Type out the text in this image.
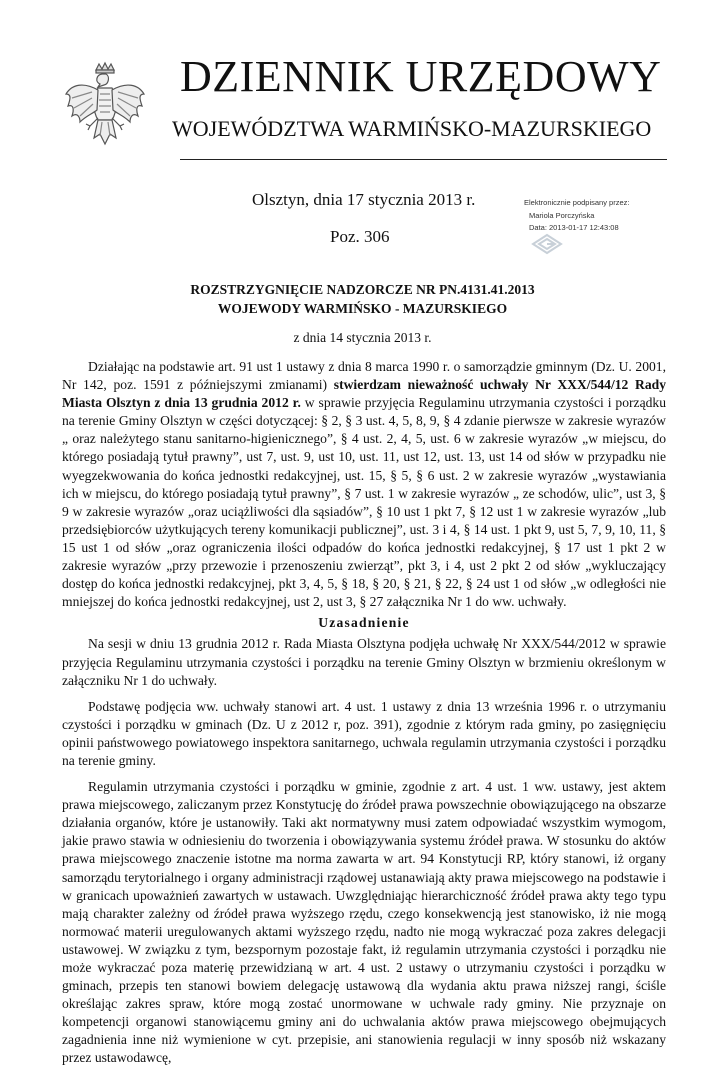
DZIENNIK URZĘDOWY
WOJEWÓDZTWA WARMIŃSKO-MAZURSKIEGO
Olsztyn, dnia 17 stycznia 2013 r.
Poz. 306
Elektronicznie podpisany przez:
Mariola Porczyńska
Data: 2013-01-17 12:43:08
ROZSTRZYGNIĘCIE NADZORCZE NR PN.4131.41.2013
WOJEWODY WARMIŃSKO - MAZURSKIEGO
z dnia 14 stycznia 2013 r.

Działając na podstawie art. 91 ust 1 ustawy z dnia 8 marca 1990 r. o samorządzie gminnym (Dz. U. 2001, Nr 142, poz. 1591 z późniejszymi zmianami) stwierdzam nieważność uchwały Nr XXX/544/12 Rady Miasta Olsztyn z dnia 13 grudnia 2012 r. w sprawie przyjęcia Regulaminu utrzymania czystości i porządku na terenie Gminy Olsztyn w części dotyczącej: § 2, § 3 ust. 4, 5, 8, 9, § 4 zdanie pierwsze w zakresie wyrazów „ oraz należytego stanu sanitarno-higienicznego”, § 4 ust. 2, 4, 5, ust. 6 w zakresie wyrazów „w miejscu, do którego posiadają tytuł prawny”, ust 7, ust. 9, ust 10, ust. 11, ust 12, ust. 13, ust 14 od słów w przypadku nie wyegzekwowania do końca jednostki redakcyjnej, ust. 15, § 5, § 6 ust. 2 w zakresie wyrazów „wystawiania ich w miejscu, do którego posiadają tytuł prawny”, § 7 ust. 1 w zakresie wyrazów „ ze schodów, ulic”, ust 3, § 9 w zakresie wyrazów „oraz uciążliwości dla sąsiadów”, § 10 ust 1 pkt 7, § 12 ust 1 w zakresie wyrazów „lub przedsiębiorców użytkujących tereny komunikacji publicznej”, ust. 3 i 4, § 14 ust. 1 pkt 9, ust 5, 7, 9, 10, 11, § 15 ust 1 od słów „oraz ograniczenia ilości odpadów do końca jednostki redakcyjnej, § 17 ust 1 pkt 2 w zakresie wyrazów „przy przewozie i przenoszeniu zwierząt”, pkt 3, i 4, ust 2 pkt 2 od słów „wykluczający dostęp do końca jednostki redakcyjnej, pkt 3, 4, 5, § 18, § 20, § 21, § 22, § 24 ust 1 od słów „w odległości nie mniejszej do końca jednostki redakcyjnej, ust 2, ust 3, § 27 załącznika Nr 1 do ww. uchwały.

Uzasadnienie

Na sesji w dniu 13 grudnia 2012 r. Rada Miasta Olsztyna podjęła uchwałę Nr XXX/544/2012 w sprawie przyjęcia Regulaminu utrzymania czystości i porządku na terenie Gminy Olsztyn w brzmieniu określonym w załączniku Nr 1 do uchwały.

Podstawę podjęcia ww. uchwały stanowi art. 4 ust. 1 ustawy z dnia 13 września 1996 r. o utrzymaniu czystości i porządku w gminach (Dz. U z 2012 r, poz. 391), zgodnie z którym rada gminy, po zasięgnięciu opinii państwowego powiatowego inspektora sanitarnego, uchwala regulamin utrzymania czystości i porządku na terenie gminy.

Regulamin utrzymania czystości i porządku w gminie, zgodnie z art. 4 ust. 1 ww. ustawy, jest aktem prawa miejscowego, zaliczanym przez Konstytucję do źródeł prawa powszechnie obowiązującego na obszarze działania organów, które je ustanowiły. Taki akt normatywny musi zatem odpowiadać wszystkim wymogom, jakie prawo stawia w odniesieniu do tworzenia i obowiązywania systemu źródeł prawa. W stosunku do aktów prawa miejscowego znaczenie istotne ma norma zawarta w art. 94 Konstytucji RP, który stanowi, iż organy samorządu terytorialnego i organy administracji rządowej ustanawiają akty prawa miejscowego na podstawie i w granicach upoważnień zawartych w ustawach. Uwzględniając hierarchiczność źródeł prawa akty tego typu mają charakter zależny od źródeł prawa wyższego rzędu, czego konsekwencją jest stanowisko, iż nie mogą normować materii uregulowanych aktami wyższego rzędu, nadto nie mogą wykraczać poza zakres delegacji ustawowej. W związku z tym, bezspornym pozostaje fakt, iż regulamin utrzymania czystości i porządku nie może wykraczać poza materię przewidzianą w art. 4 ust. 2 ustawy o utrzymaniu czystości i porządku w gminach, przepis ten stanowi bowiem delegację ustawową dla wydania aktu prawa niższej rangi, ściśle określając zakres spraw, które mogą zostać unormowane w uchwale rady gminy. Nie przyznaje on kompetencji organowi stanowiącemu gminy ani do uchwalania aktów prawa miejscowego obejmujących zagadnienia inne niż wymienione w cyt. przepisie, ani stanowienia regulacji w inny sposób niż wskazany przez ustawodawcę,
